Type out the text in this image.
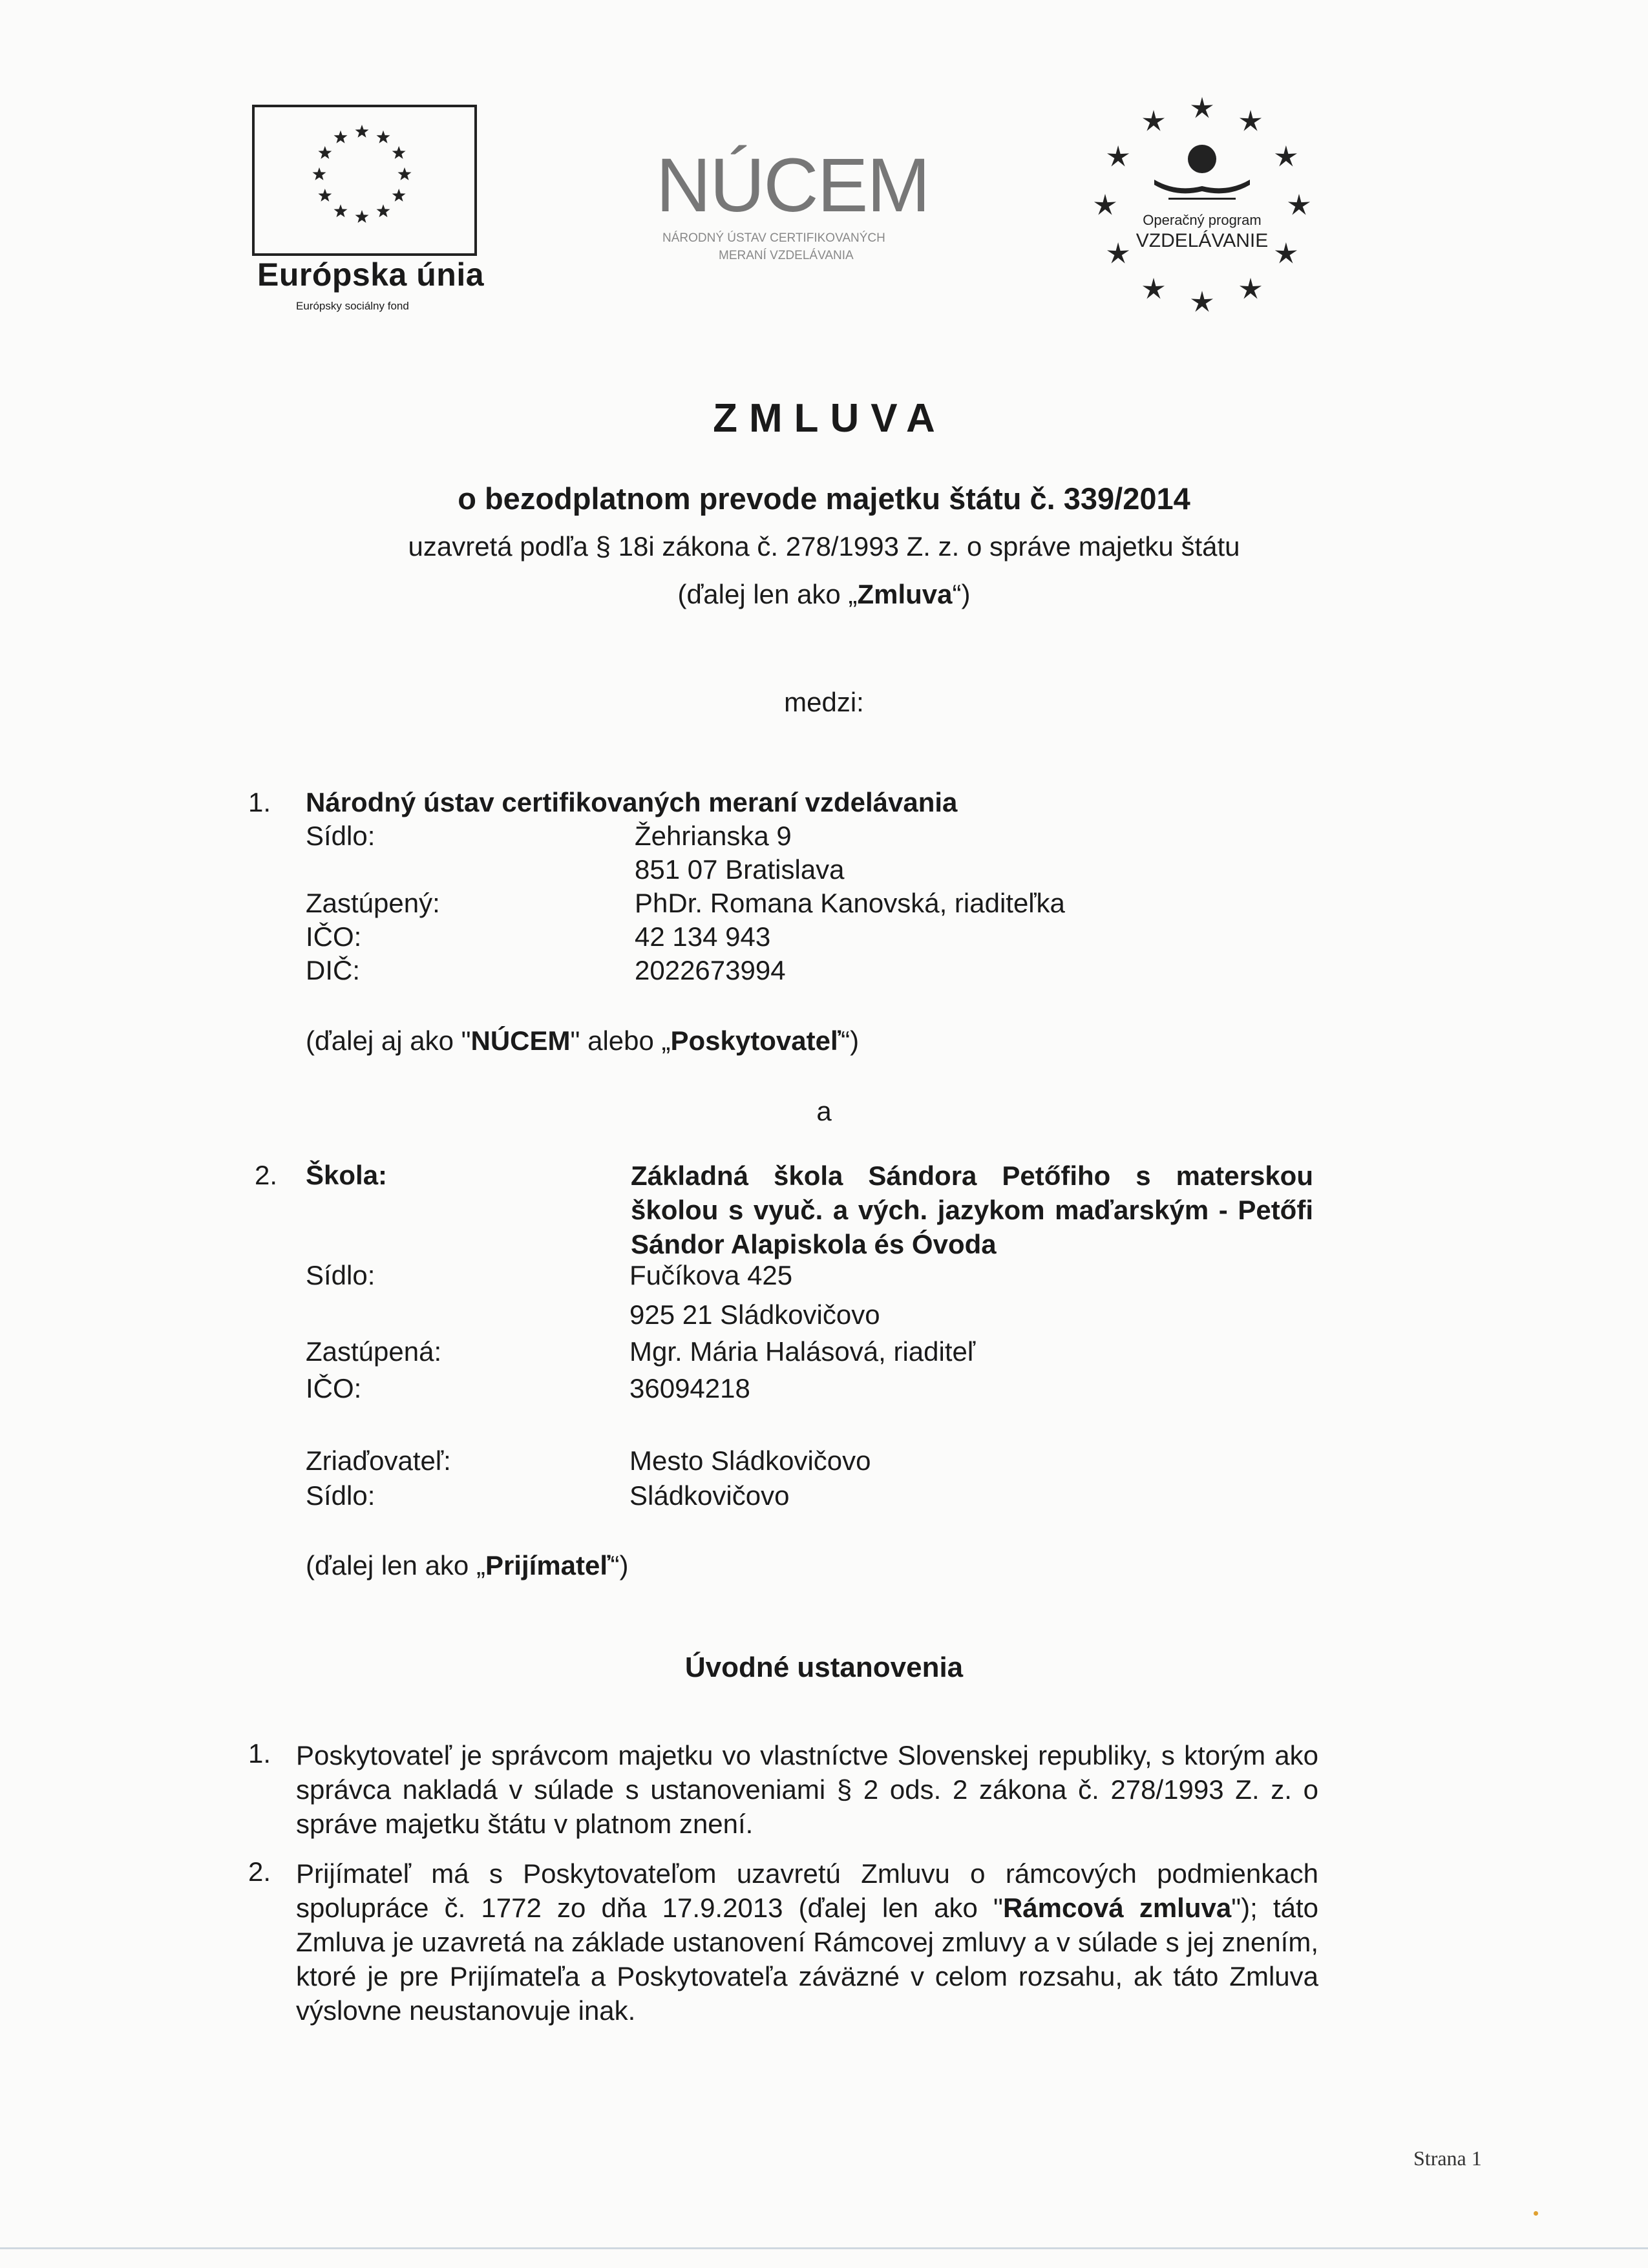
Európska únia
Európsky sociálny fond
NÚCEM
NÁRODNÝ ÚSTAV CERTIFIKOVANÝCH
MERANÍ VZDELÁVANIA
Operačný program
VZDELÁVANIE
ZMLUVA
o bezodplatnom prevode majetku štátu č. 339/2014
uzavretá podľa § 18i zákona č. 278/1993 Z. z. o správe majetku štátu
(ďalej len ako „Zmluva“)
medzi:
1. Národný ústav certifikovaných meraní vzdelávania
Sídlo:	Žehrianska 9
851 07 Bratislava
Zastúpený:	PhDr. Romana Kanovská, riaditeľka
IČO:	42 134 943
DIČ:	2022673994
(ďalej aj ako "NÚCEM" alebo „Poskytovateľ“)
a
2. Škola:	Základná škola Sándora Petőfiho s materskou školou s vyuč. a vých. jazykom maďarským - Petőfi Sándor Alapiskola és Óvoda
Sídlo:	Fučíkova 425
925 21 Sládkovičovo
Zastúpená:	Mgr. Mária Halásová, riaditeľ
IČO:	36094218
Zriaďovateľ:	Mesto Sládkovičovo
Sídlo:	Sládkovičovo
(ďalej len ako „Prijímateľ“)
Úvodné ustanovenia
1. Poskytovateľ je správcom majetku vo vlastníctve Slovenskej republiky, s ktorým ako správca nakladá v súlade s ustanoveniami § 2 ods. 2 zákona č. 278/1993 Z. z. o správe majetku štátu v platnom znení.
2. Prijímateľ má s Poskytovateľom uzavretú Zmluvu o rámcových podmienkach spolupráce č. 1772 zo dňa 17.9.2013 (ďalej len ako "Rámcová zmluva"); táto Zmluva je uzavretá na základe ustanovení Rámcovej zmluvy a v súlade s jej znením, ktoré je pre Prijímateľa a Poskytovateľa záväzné v celom rozsahu, ak táto Zmluva výslovne neustanovuje inak.
Strana 1
